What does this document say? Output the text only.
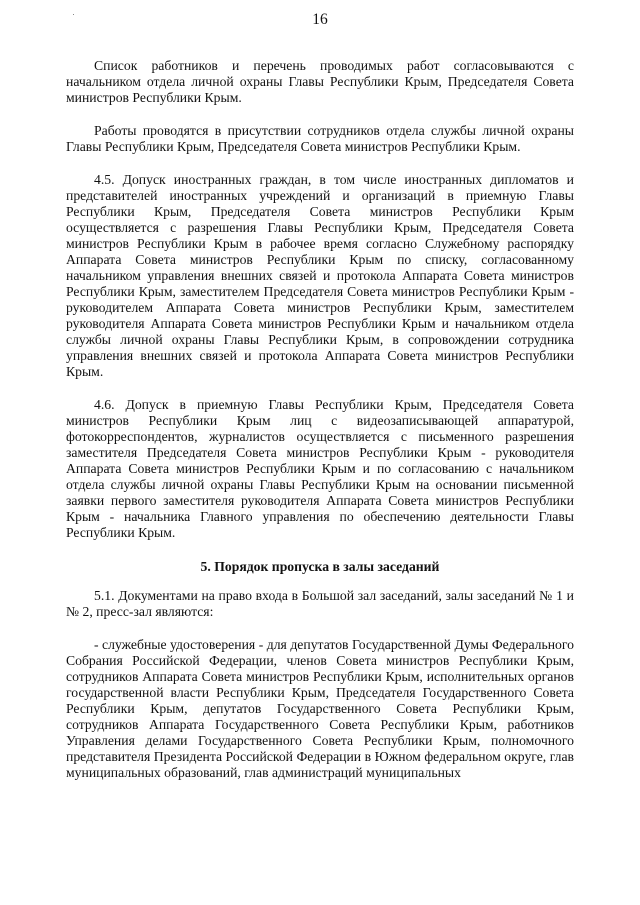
16

Список работников и перечень проводимых работ согласовываются с начальником отдела личной охраны Главы Республики Крым, Председателя Совета министров Республики Крым.

Работы проводятся в присутствии сотрудников отдела службы личной охраны Главы Республики Крым, Председателя Совета министров Республики Крым.

4.5. Допуск иностранных граждан, в том числе иностранных дипломатов и представителей иностранных учреждений и организаций в приемную Главы Республики Крым, Председателя Совета министров Республики Крым осуществляется с разрешения Главы Республики Крым, Председателя Совета министров Республики Крым в рабочее время согласно Служебному распорядку Аппарата Совета министров Республики Крым по списку, согласованному начальником управления внешних связей и протокола Аппарата Совета министров Республики Крым, заместителем Председателя Совета министров Республики Крым - руководителем Аппарата Совета министров Республики Крым, заместителем руководителя Аппарата Совета министров Республики Крым и начальником отдела службы личной охраны Главы Республики Крым, в сопровождении сотрудника управления внешних связей и протокола Аппарата Совета министров Республики Крым.

4.6. Допуск в приемную Главы Республики Крым, Председателя Совета министров Республики Крым лиц с видеозаписывающей аппаратурой, фотокорреспондентов, журналистов осуществляется с письменного разрешения заместителя Председателя Совета министров Республики Крым - руководителя Аппарата Совета министров Республики Крым и по согласованию с начальником отдела службы личной охраны Главы Республики Крым на основании письменной заявки первого заместителя руководителя Аппарата Совета министров Республики Крым - начальника Главного управления по обеспечению деятельности Главы Республики Крым.

5. Порядок пропуска в залы заседаний

5.1. Документами на право входа в Большой зал заседаний, залы заседаний № 1 и № 2, пресс-зал являются:

- служебные удостоверения - для депутатов Государственной Думы Федерального Собрания Российской Федерации, членов Совета министров Республики Крым, сотрудников Аппарата Совета министров Республики Крым, исполнительных органов государственной власти Республики Крым, Председателя Государственного Совета Республики Крым, депутатов Государственного Совета Республики Крым, сотрудников Аппарата Государственного Совета Республики Крым, работников Управления делами Государственного Совета Республики Крым, полномочного представителя Президента Российской Федерации в Южном федеральном округе, глав муниципальных образований, глав администраций муниципальных
